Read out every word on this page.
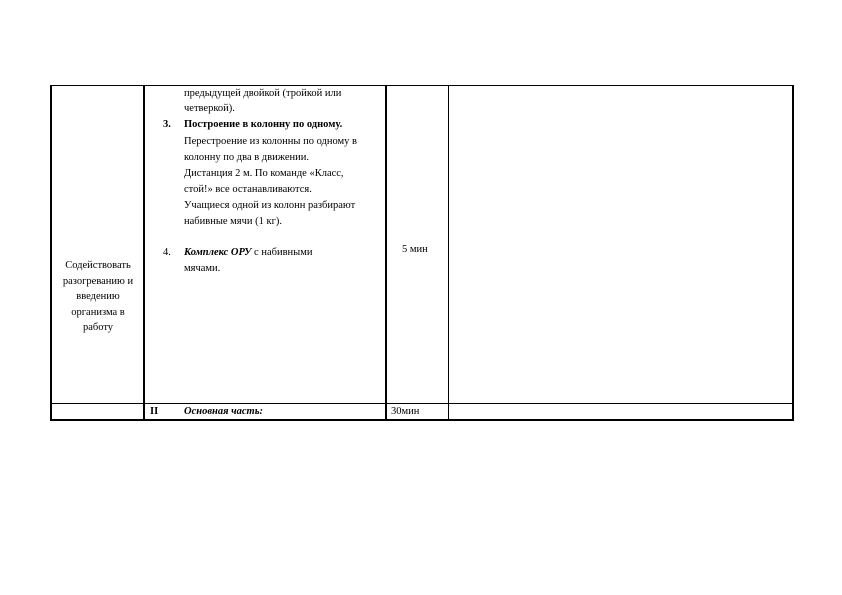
Содействовать
разогреванию и
введению
организма в
работу
предыдущей двойкой (тройкой или
четверкой).
3. Построение в колонну по одному.
Перестроение из колонны по одному в
колонну по два в движении.
Дистанция 2 м. По команде «Класс,
стой!» все останавливаются.
Учащиеся одной из колонн разбирают
набивные мячи (1 кг).
4. Комплекс ОРУ с набивными
мячами.
5 мин
II Основная часть:	30мин
